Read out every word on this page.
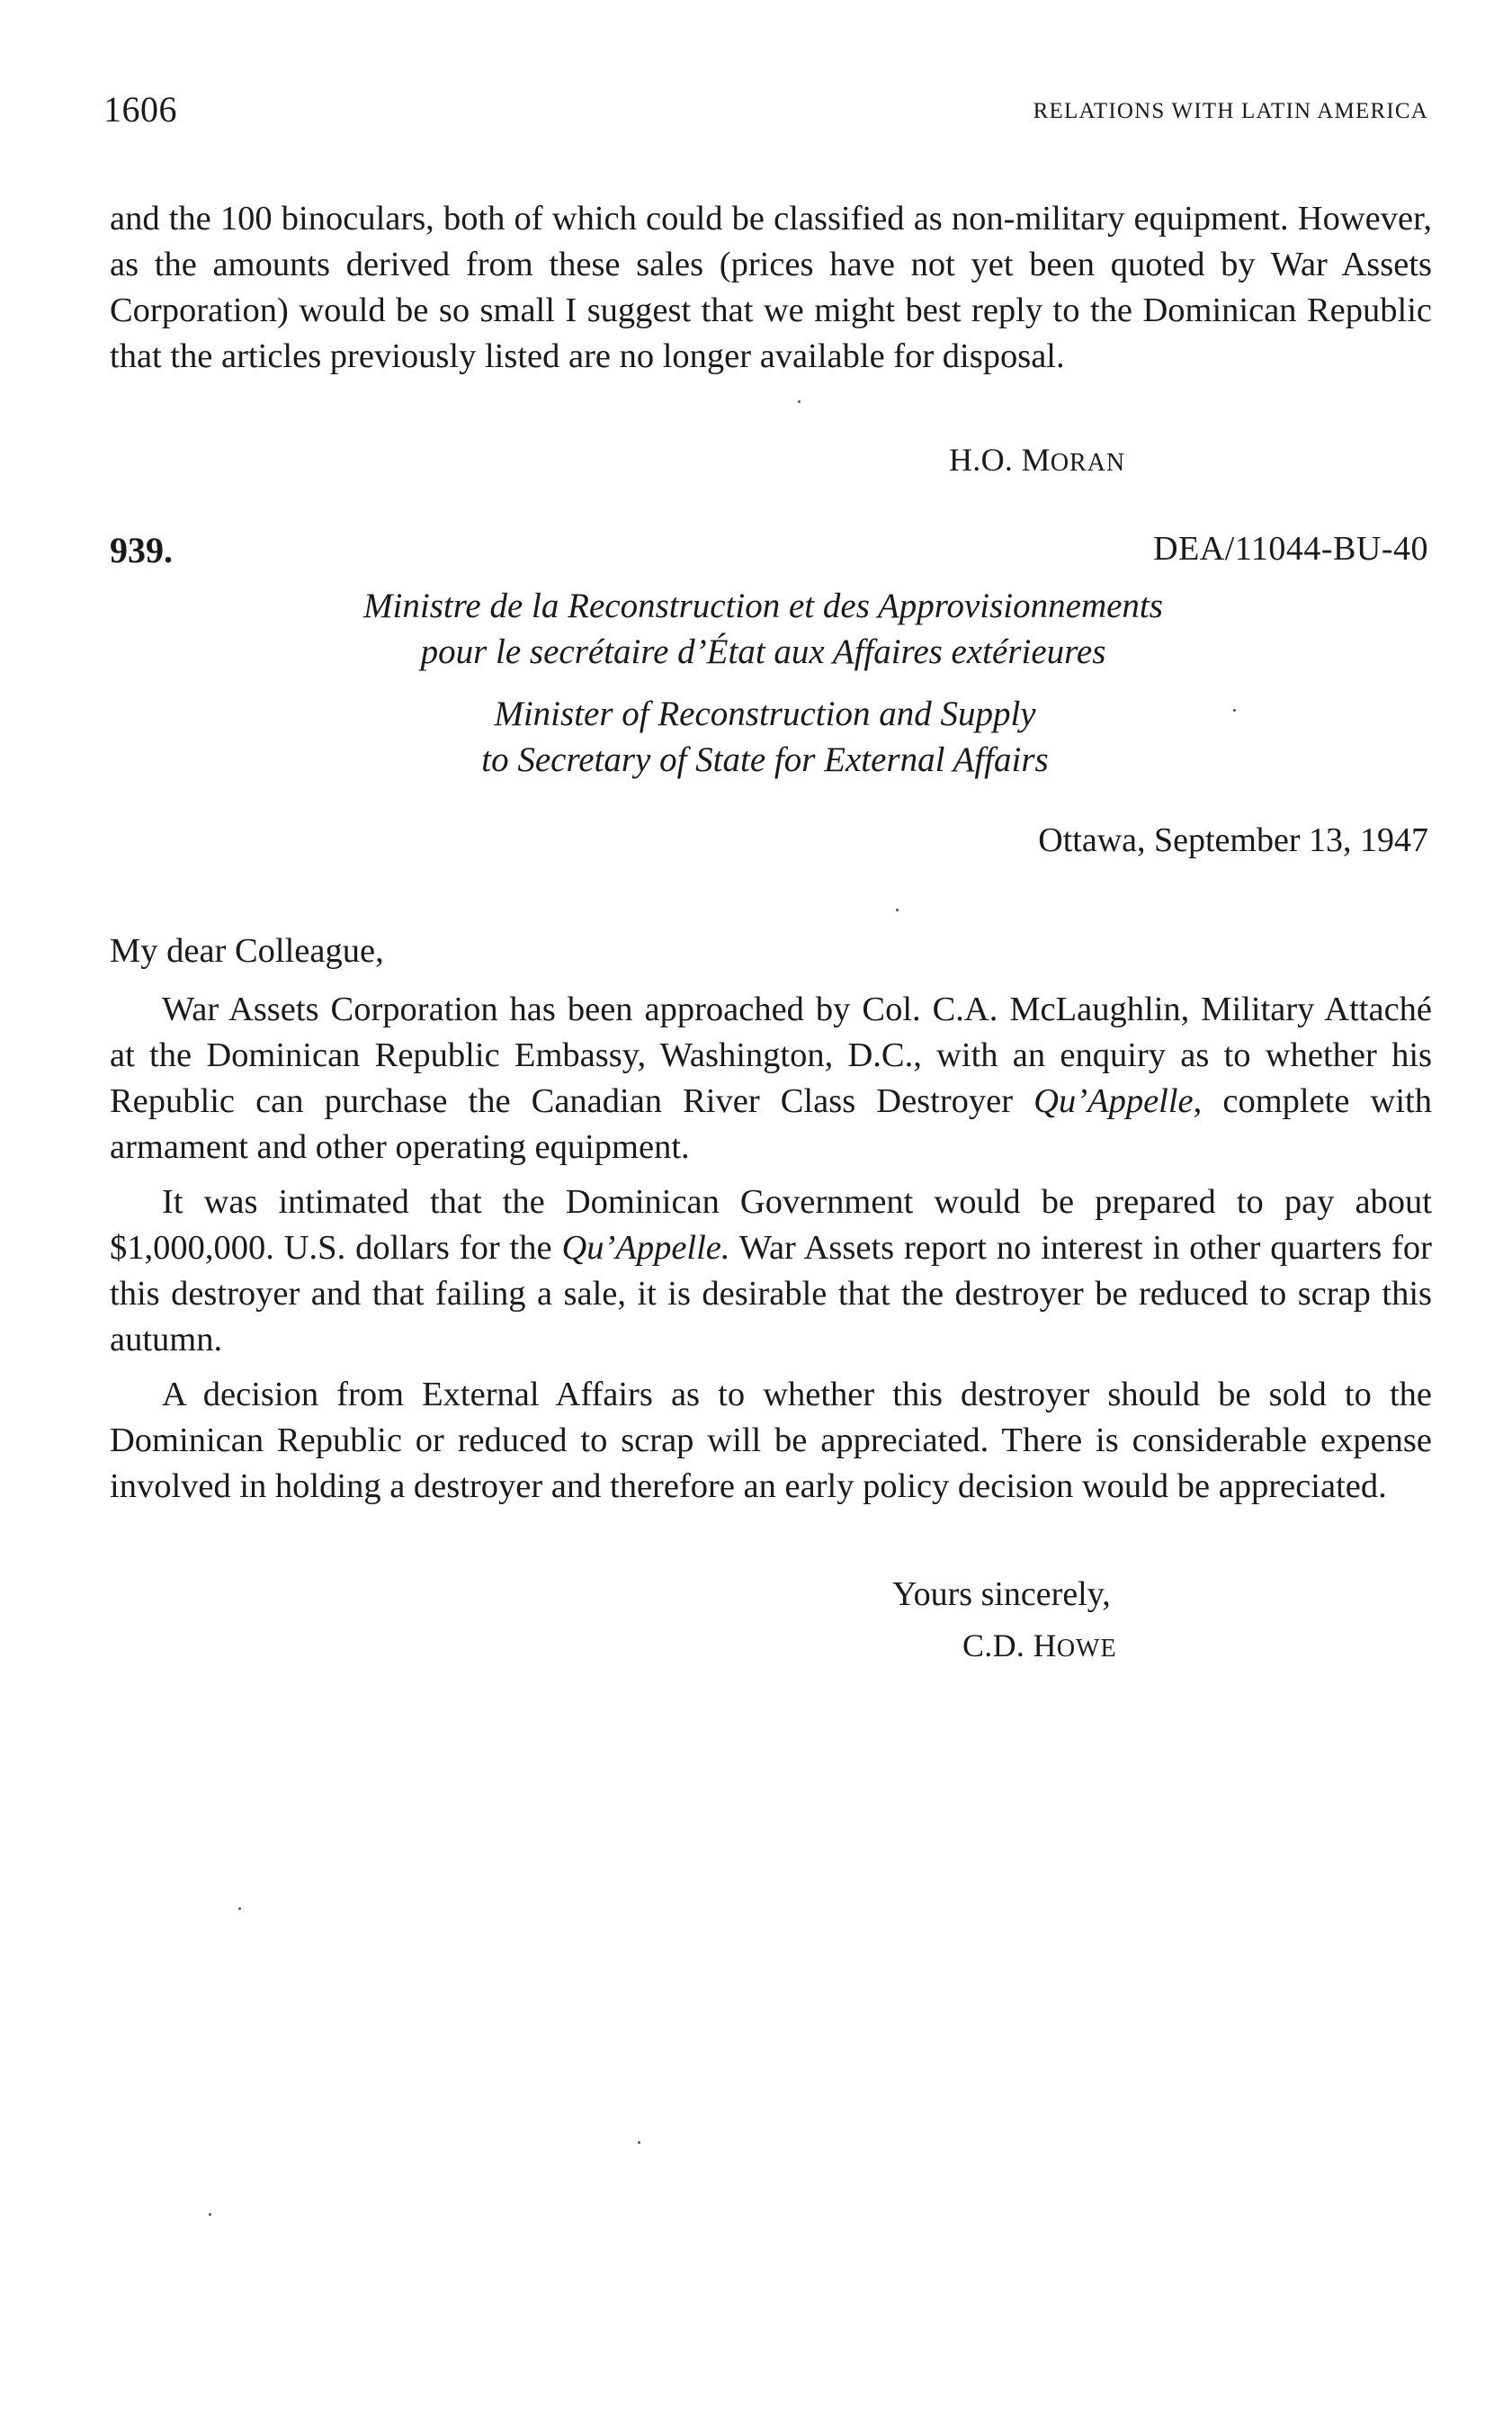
1606	RELATIONS WITH LATIN AMERICA
and the 100 binoculars, both of which could be classified as non-military equipment. However, as the amounts derived from these sales (prices have not yet been quoted by War Assets Corporation) would be so small I suggest that we might best reply to the Dominican Republic that the articles previously listed are no longer available for disposal.
H.O. MORAN
939.	DEA/11044-BU-40
Ministre de la Reconstruction et des Approvisionnements
pour le secrétaire d’État aux Affaires extérieures
Minister of Reconstruction and Supply
to Secretary of State for External Affairs
Ottawa, September 13, 1947
My dear Colleague,

War Assets Corporation has been approached by Col. C.A. McLaughlin, Military Attaché at the Dominican Republic Embassy, Washington, D.C., with an enquiry as to whether his Republic can purchase the Canadian River Class Destroyer Qu’Appelle, complete with armament and other operating equipment.

It was intimated that the Dominican Government would be prepared to pay about $1,000,000. U.S. dollars for the Qu’Appelle. War Assets report no interest in other quarters for this destroyer and that failing a sale, it is desirable that the destroyer be reduced to scrap this autumn.

A decision from External Affairs as to whether this destroyer should be sold to the Dominican Republic or reduced to scrap will be appreciated. There is considerable expense involved in holding a destroyer and therefore an early policy decision would be appreciated.

Yours sincerely,
C.D. HOWE
